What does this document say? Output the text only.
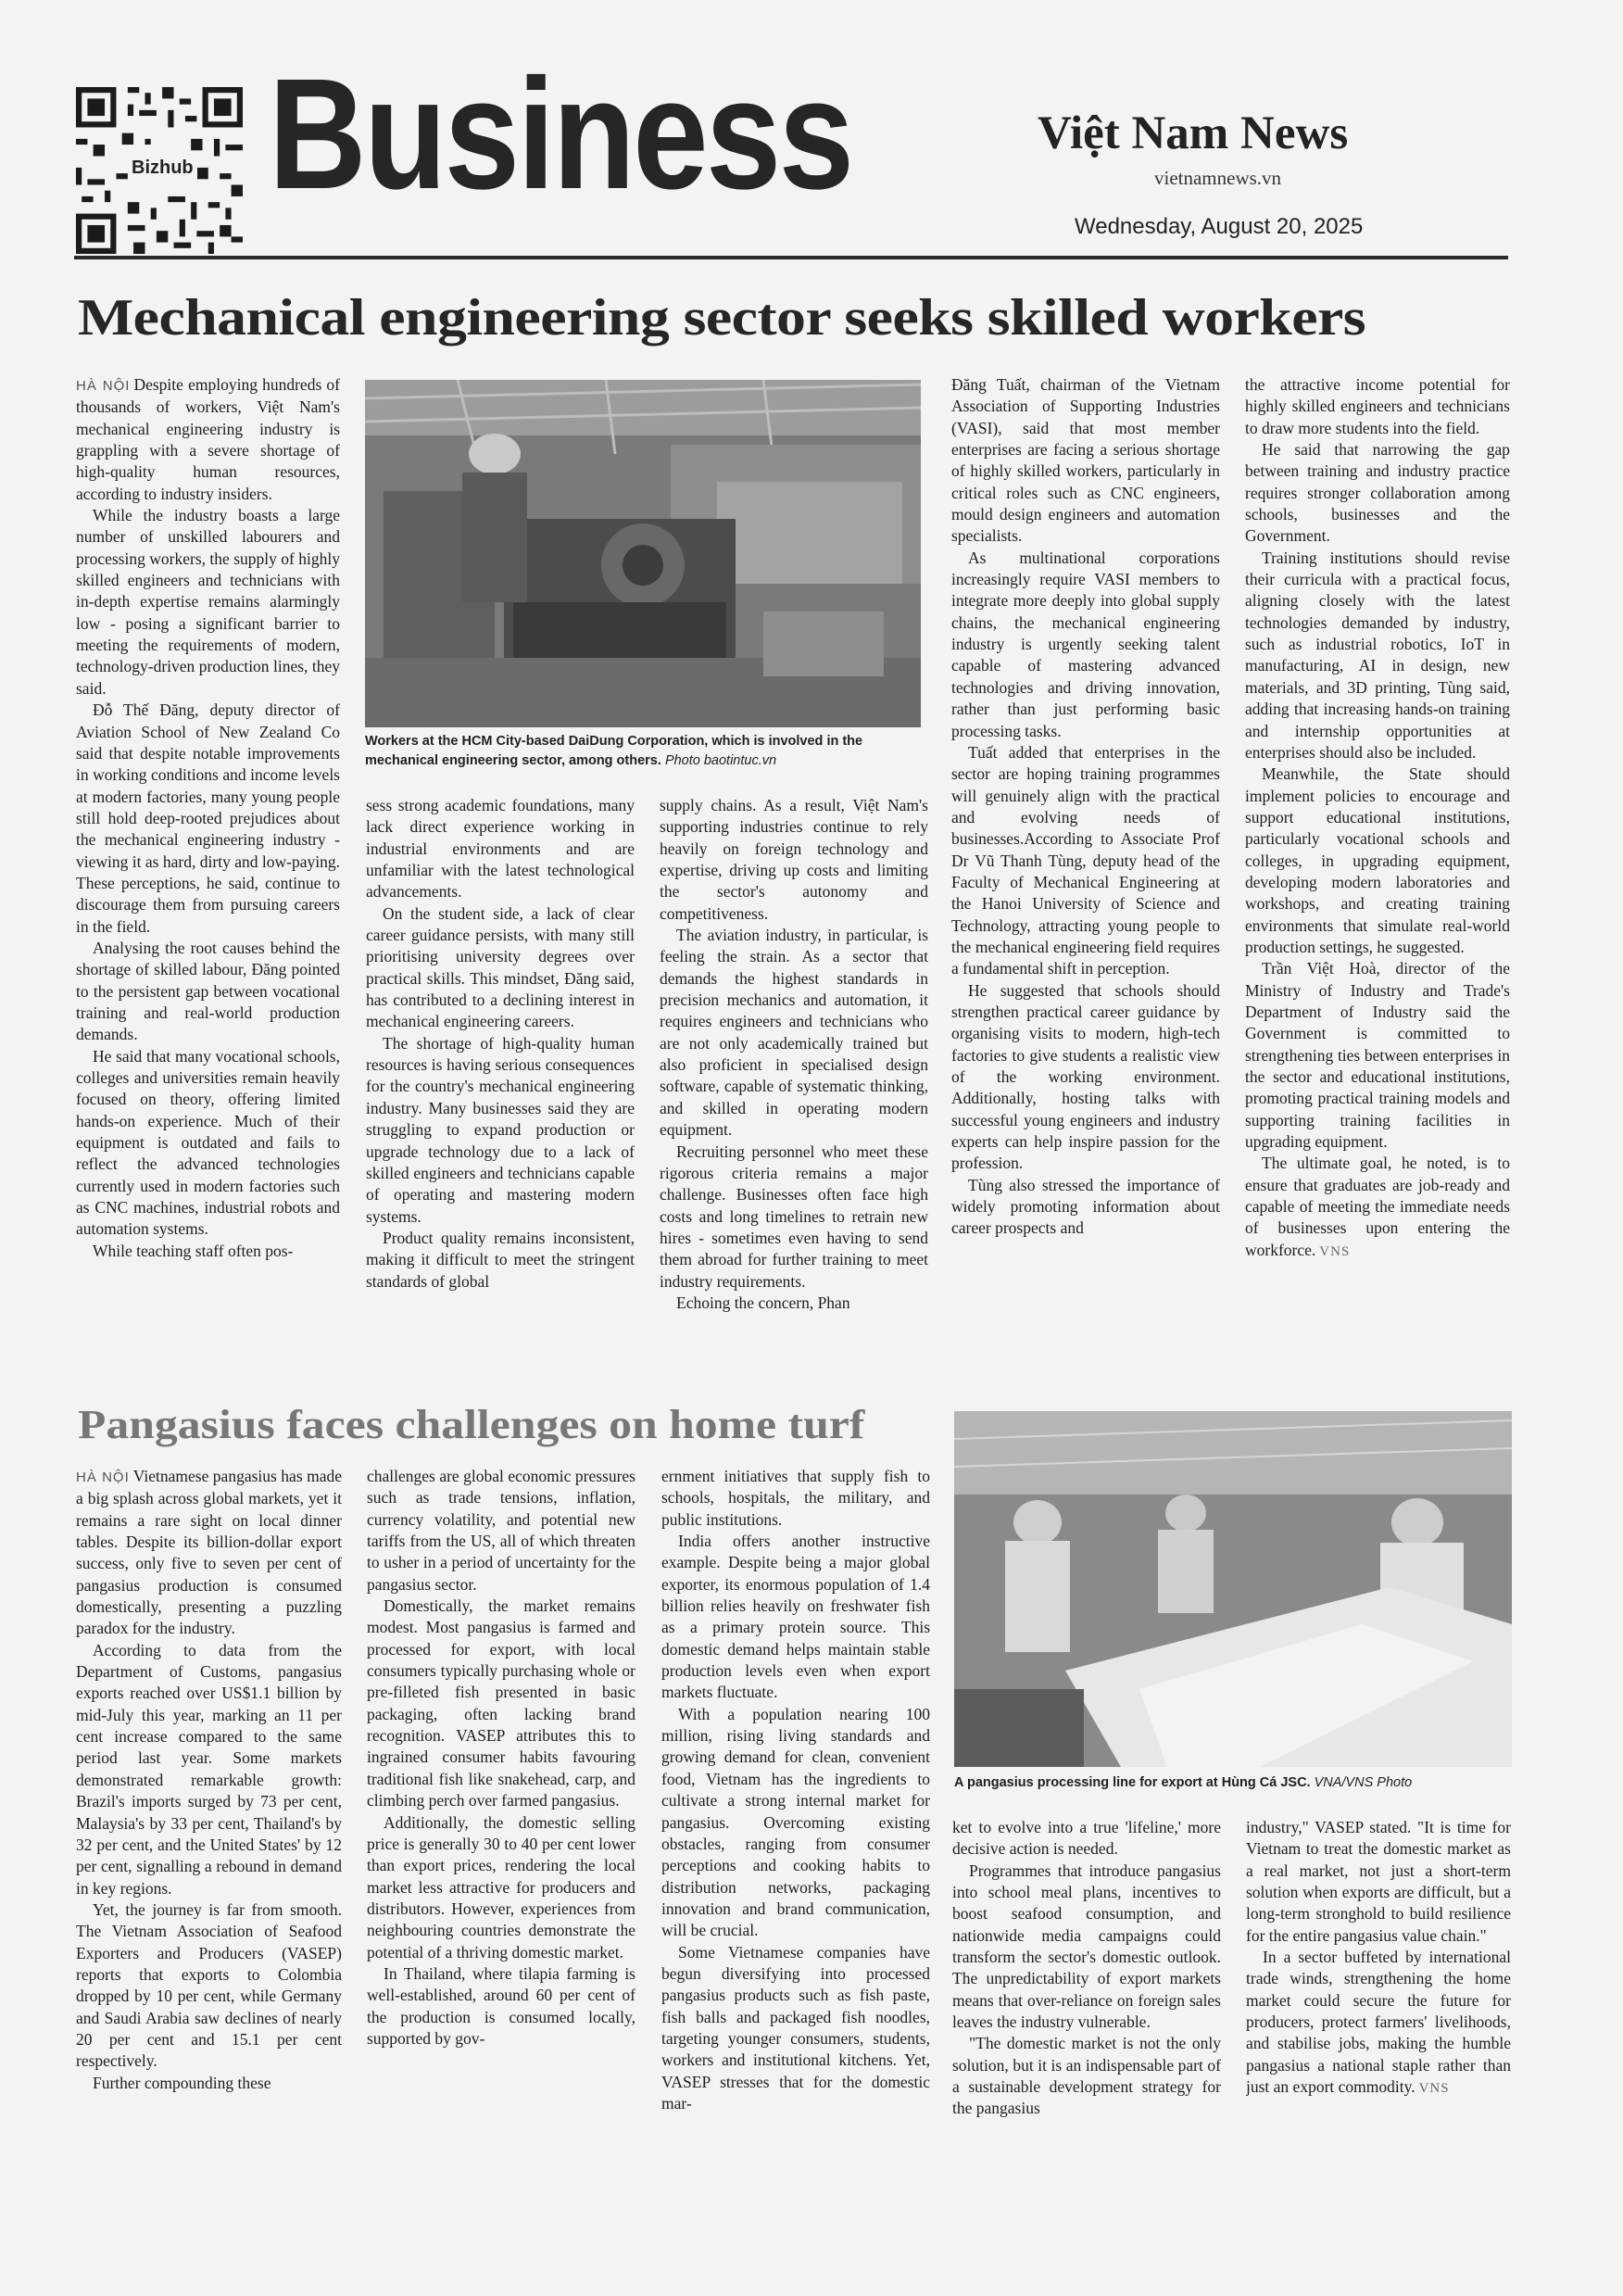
Bizhub Business	Việt Nam News
vietnamnews.vn
Wednesday, August 20, 2025
Mechanical engineering sector seeks skilled workers

HÀ NỘI Despite employing hundreds of thousands of workers, Việt Nam's mechanical engineering industry is grappling with a severe shortage of high-quality human resources, according to industry insiders.

While the industry boasts a large number of unskilled labourers and processing workers, the supply of highly skilled engineers and technicians with in-depth expertise remains alarmingly low - posing a significant barrier to meeting the requirements of modern, technology-driven production lines, they said.

Đỗ Thế Đăng, deputy director of Aviation School of New Zealand Co said that despite notable improvements in working conditions and income levels at modern factories, many young people still hold deep-rooted prejudices about the mechanical engineering industry - viewing it as hard, dirty and low-paying. These perceptions, he said, continue to discourage them from pursuing careers in the field.

Analysing the root causes behind the shortage of skilled labour, Đăng pointed to the persistent gap between vocational training and real-world production demands.

He said that many vocational schools, colleges and universities remain heavily focused on theory, offering limited hands-on experience. Much of their equipment is outdated and fails to reflect the advanced technologies currently used in modern factories such as CNC machines, industrial robots and automation systems.

While teaching staff often pos-

Workers at the HCM City-based DaiDung Corporation, which is involved in the mechanical engineering sector, among others. Photo baotintuc.vn

sess strong academic foundations, many lack direct experience working in industrial environments and are unfamiliar with the latest technological advancements.

On the student side, a lack of clear career guidance persists, with many still prioritising university degrees over practical skills. This mindset, Đăng said, has contributed to a declining interest in mechanical engineering careers.

The shortage of high-quality human resources is having serious consequences for the country's mechanical engineering industry. Many businesses said they are struggling to expand production or upgrade technology due to a lack of skilled engineers and technicians capable of operating and mastering modern systems.

Product quality remains inconsistent, making it difficult to meet the stringent standards of global

supply chains. As a result, Việt Nam's supporting industries continue to rely heavily on foreign technology and expertise, driving up costs and limiting the sector's autonomy and competitiveness.

The aviation industry, in particular, is feeling the strain. As a sector that demands the highest standards in precision mechanics and automation, it requires engineers and technicians who are not only academically trained but also proficient in specialised design software, capable of systematic thinking, and skilled in operating modern equipment.

Recruiting personnel who meet these rigorous criteria remains a major challenge. Businesses often face high costs and long timelines to retrain new hires - sometimes even having to send them abroad for further training to meet industry requirements.

Echoing the concern, Phan

Đăng Tuất, chairman of the Vietnam Association of Supporting Industries (VASI), said that most member enterprises are facing a serious shortage of highly skilled workers, particularly in critical roles such as CNC engineers, mould design engineers and automation specialists.

As multinational corporations increasingly require VASI members to integrate more deeply into global supply chains, the mechanical engineering industry is urgently seeking talent capable of mastering advanced technologies and driving innovation, rather than just performing basic processing tasks.

Tuất added that enterprises in the sector are hoping training programmes will genuinely align with the practical and evolving needs of businesses.According to Associate Prof Dr Vũ Thanh Tùng, deputy head of the Faculty of Mechanical Engineering at the Hanoi University of Science and Technology, attracting young people to the mechanical engineering field requires a fundamental shift in perception.

He suggested that schools should strengthen practical career guidance by organising visits to modern, high-tech factories to give students a realistic view of the working environment. Additionally, hosting talks with successful young engineers and industry experts can help inspire passion for the profession.

Tùng also stressed the importance of widely promoting information about career prospects and

the attractive income potential for highly skilled engineers and technicians to draw more students into the field.

He said that narrowing the gap between training and industry practice requires stronger collaboration among schools, businesses and the Government.

Training institutions should revise their curricula with a practical focus, aligning closely with the latest technologies demanded by industry, such as industrial robotics, IoT in manufacturing, AI in design, new materials, and 3D printing, Tùng said, adding that increasing hands-on training and internship opportunities at enterprises should also be included.

Meanwhile, the State should implement policies to encourage and support educational institutions, particularly vocational schools and colleges, in upgrading equipment, developing modern laboratories and workshops, and creating training environments that simulate real-world production settings, he suggested.

Trần Việt Hoà, director of the Ministry of Industry and Trade's Department of Industry said the Government is committed to strengthening ties between enterprises in the sector and educational institutions, promoting practical training models and supporting training facilities in upgrading equipment.

The ultimate goal, he noted, is to ensure that graduates are job-ready and capable of meeting the immediate needs of businesses upon entering the workforce. VNS

Pangasius faces challenges on home turf

HÀ NỘI Vietnamese pangasius has made a big splash across global markets, yet it remains a rare sight on local dinner tables. Despite its billion-dollar export success, only five to seven per cent of pangasius production is consumed domestically, presenting a puzzling paradox for the industry.

According to data from the Department of Customs, pangasius exports reached over US$1.1 billion by mid-July this year, marking an 11 per cent increase compared to the same period last year. Some markets demonstrated remarkable growth: Brazil's imports surged by 73 per cent, Malaysia's by 33 per cent, Thailand's by 32 per cent, and the United States' by 12 per cent, signalling a rebound in demand in key regions.

Yet, the journey is far from smooth. The Vietnam Association of Seafood Exporters and Producers (VASEP) reports that exports to Colombia dropped by 10 per cent, while Germany and Saudi Arabia saw declines of nearly 20 per cent and 15.1 per cent respectively.

Further compounding these

challenges are global economic pressures such as trade tensions, inflation, currency volatility, and potential new tariffs from the US, all of which threaten to usher in a period of uncertainty for the pangasius sector.

Domestically, the market remains modest. Most pangasius is farmed and processed for export, with local consumers typically purchasing whole or pre-filleted fish presented in basic packaging, often lacking brand recognition. VASEP attributes this to ingrained consumer habits favouring traditional fish like snakehead, carp, and climbing perch over farmed pangasius.

Additionally, the domestic selling price is generally 30 to 40 per cent lower than export prices, rendering the local market less attractive for producers and distributors. However, experiences from neighbouring countries demonstrate the potential of a thriving domestic market.

In Thailand, where tilapia farming is well-established, around 60 per cent of the production is consumed locally, supported by gov-

ernment initiatives that supply fish to schools, hospitals, the military, and public institutions.

India offers another instructive example. Despite being a major global exporter, its enormous population of 1.4 billion relies heavily on freshwater fish as a primary protein source. This domestic demand helps maintain stable production levels even when export markets fluctuate.

With a population nearing 100 million, rising living standards and growing demand for clean, convenient food, Vietnam has the ingredients to cultivate a strong internal market for pangasius. Overcoming existing obstacles, ranging from consumer perceptions and cooking habits to distribution networks, packaging innovation and brand communication, will be crucial.

Some Vietnamese companies have begun diversifying into processed pangasius products such as fish paste, fish balls and packaged fish noodles, targeting younger consumers, students, workers and institutional kitchens. Yet, VASEP stresses that for the domestic mar-

A pangasius processing line for export at Hùng Cá JSC. VNA/VNS Photo

ket to evolve into a true 'lifeline,' more decisive action is needed.

Programmes that introduce pangasius into school meal plans, incentives to boost seafood consumption, and nationwide media campaigns could transform the sector's domestic outlook. The unpredictability of export markets means that over-reliance on foreign sales leaves the industry vulnerable.

"The domestic market is not the only solution, but it is an indispensable part of a sustainable development strategy for the pangasius

industry," VASEP stated. "It is time for Vietnam to treat the domestic market as a real market, not just a short-term solution when exports are difficult, but a long-term stronghold to build resilience for the entire pangasius value chain."

In a sector buffeted by international trade winds, strengthening the home market could secure the future for producers, protect farmers' livelihoods, and stabilise jobs, making the humble pangasius a national staple rather than just an export commodity. VNS
